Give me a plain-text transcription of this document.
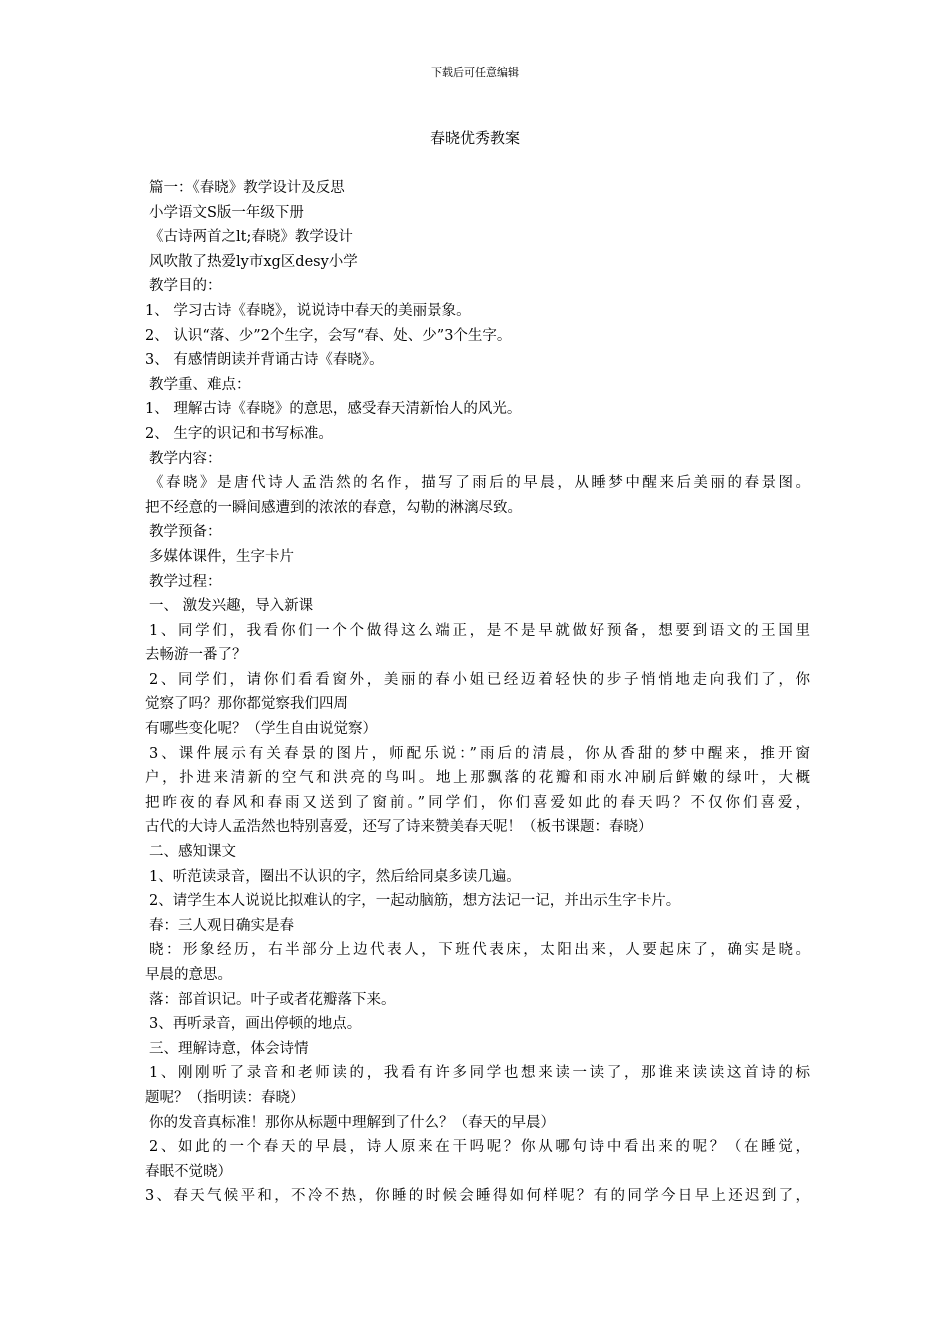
下载后可任意编辑
春晓优秀教案
篇一：《春晓》教学设计及反思
小学语文S版一年级下册
《古诗两首之lt;春晓》教学设计
风吹散了热爱ly市xg区desy小学
教学目的：
1、 学习古诗《春晓》，说说诗中春天的美丽景象。
2、 认识“落、少”2个生字，会写“春、处、少”3个生字。
3、 有感情朗读并背诵古诗《春晓》。
教学重、难点：
1、 理解古诗《春晓》的意思，感受春天清新怡人的风光。
2、 生字的识记和书写标准。
教学内容：
《春晓》是唐代诗人孟浩然的名作，描写了雨后的早晨，从睡梦中醒来后美丽的春景图。
把不经意的一瞬间感遭到的浓浓的春意，勾勒的淋漓尽致。
教学预备：
多媒体课件，生字卡片
教学过程：
一、 激发兴趣，导入新课
1、同学们，我看你们一个个做得这么端正，是不是早就做好预备，想要到语文的王国里
去畅游一番了？
2、同学们，请你们看看窗外，美丽的春小姐已经迈着轻快的步子悄悄地走向我们了，你
觉察了吗？那你都觉察我们四周
有哪些变化呢？（学生自由说觉察）
3、课件展示有关春景的图片，师配乐说：”雨后的清晨，你从香甜的梦中醒来，推开窗
户，扑进来清新的空气和洪亮的鸟叫。地上那飘落的花瓣和雨水冲刷后鲜嫩的绿叶，大概
把昨夜的春风和春雨又送到了窗前。”同学们，你们喜爱如此的春天吗？不仅你们喜爱，
古代的大诗人孟浩然也特别喜爱，还写了诗来赞美春天呢！（板书课题：春晓）
二、感知课文
1、听范读录音，圈出不认识的字，然后给同桌多读几遍。
2、请学生本人说说比拟难认的字，一起动脑筋，想方法记一记，并出示生字卡片。
春：三人观日确实是春
晓：形象经历，右半部分上边代表人，下班代表床，太阳出来，人要起床了，确实是晓。
早晨的意思。
落：部首识记。叶子或者花瓣落下来。
3、再听录音，画出停顿的地点。
三、理解诗意，体会诗情
1、刚刚听了录音和老师读的，我看有许多同学也想来读一读了，那谁来读读这首诗的标
题呢？（指明读：春晓）
你的发音真标准！那你从标题中理解到了什么？（春天的早晨）
2、如此的一个春天的早晨，诗人原来在干吗呢？你从哪句诗中看出来的呢？（在睡觉，
春眠不觉晓）
3、春天气候平和，不冷不热，你睡的时候会睡得如何样呢？有的同学今日早上还迟到了，
